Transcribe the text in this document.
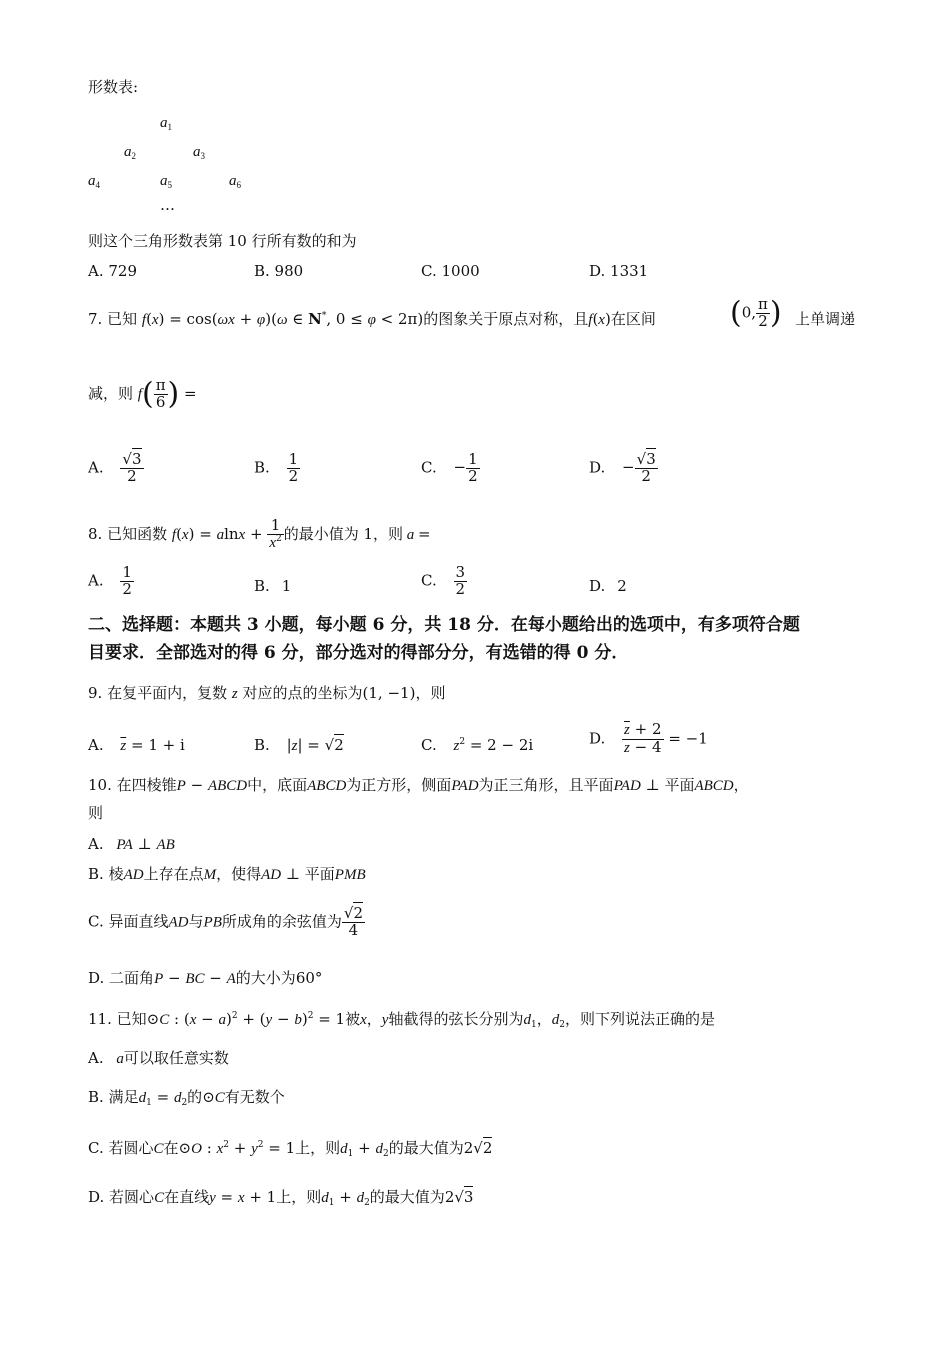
形数表:
$a_1$
$a_2$	$a_3$
$a_4$	$a_5$	$a_6$
…
则这个三角形数表第 10 行所有数的和为
A. 729	B. 980	C. 1000	D. 1331
7. 已知 f(x) = cos(ωx + φ)(ω ∈ N*, 0 ≤ φ < 2π)的图象关于原点对称，且f(x)在区间 (0, $\frac{\pi}{2}$ ) 上单调递
减，则 $f( \frac{\pi}{6}$ ) =
A. $\frac{√3}{2}$	B. $\frac{1}{2}$	C. − $\frac{1}{2}$	D. − $\frac{√3}{2}$
8. 已知函数 $f(x) = alnx + \frac{1}{x^2}$ 的最小值为 1，则 a =
A. $\frac{1}{2}$	B. 1	C. $\frac{3}{2}$	D. 2
二、选择题：本题共 3 小题，每小题 6 分，共 18 分．在每小题给出的选项中，有多项符合题
目要求．全部选对的得 6 分，部分选对的得部分分，有选错的得 0 分．
9. 在复平面内，复数 z 对应的点的坐标为(1, −1)，则
A. $\overline{z} = 1 + i$	B. |z| = √2	C. $z^2 = 2 - 2i$	D. $\frac{\overline{z} + 2}{z - 4} = -1$
10. 在四棱锥P − ABCD中，底面ABCD为正方形，侧面PAD为正三角形，且平面PAD ⊥ 平面ABCD，
则
A. PA ⊥ AB
B. 棱AD上存在点M，使得AD ⊥ 平面PMB
C. 异面直线AD与PB所成角的余弦值为 $\frac{√2}{4}$
D. 二面角P − BC − A的大小为60°
11. 已知⊙C : $(x - a)^2 + (y - b)^2 = 1$被x，y轴截得的弦长分别为$d_1$，$d_2$，则下列说法正确的是
A. a可以取任意实数
B. 满足$d_1 = d_2$的⊙C有无数个
C. 若圆心C在⊙O : $x^2 + y^2 = 1$上，则$d_1 + d_2$的最大值为2√2
D. 若圆心C在直线y = x + 1上，则$d_1 + d_2$的最大值为2√3
